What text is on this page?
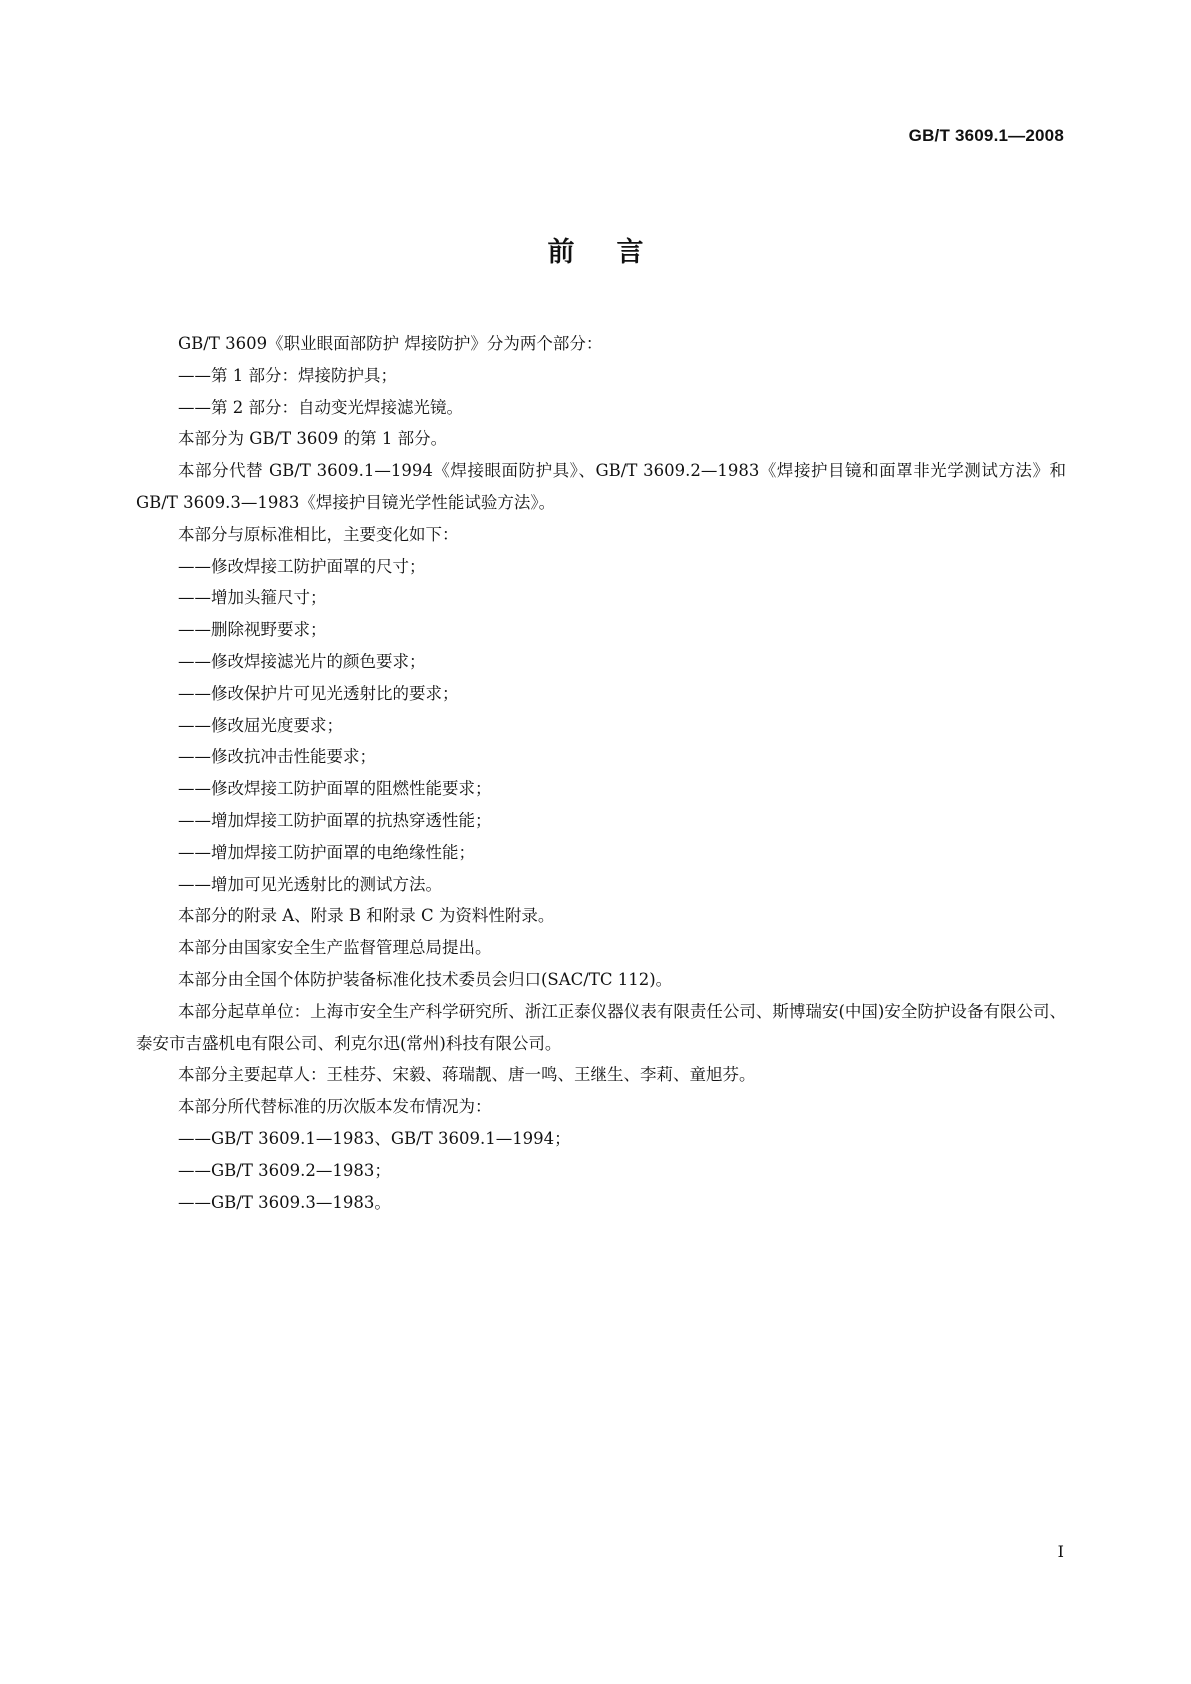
GB/T 3609.1—2008
前言

GB/T 3609《职业眼面部防护 焊接防护》分为两个部分：

——第 1 部分：焊接防护具；

——第 2 部分：自动变光焊接滤光镜。

本部分为 GB/T 3609 的第 1 部分。

本部分代替 GB/T 3609.1—1994《焊接眼面防护具》、GB/T 3609.2—1983《焊接护目镜和面罩非光学测试方法》和 GB/T 3609.3—1983《焊接护目镜光学性能试验方法》。

本部分与原标准相比，主要变化如下：

——修改焊接工防护面罩的尺寸；

——增加头箍尺寸；

——删除视野要求；

——修改焊接滤光片的颜色要求；

——修改保护片可见光透射比的要求；

——修改屈光度要求；

——修改抗冲击性能要求；

——修改焊接工防护面罩的阻燃性能要求；

——增加焊接工防护面罩的抗热穿透性能；

——增加焊接工防护面罩的电绝缘性能；

——增加可见光透射比的测试方法。

本部分的附录 A、附录 B 和附录 C 为资料性附录。

本部分由国家安全生产监督管理总局提出。

本部分由全国个体防护装备标准化技术委员会归口(SAC/TC 112)。

本部分起草单位：上海市安全生产科学研究所、浙江正泰仪器仪表有限责任公司、斯博瑞安(中国)安全防护设备有限公司、泰安市吉盛机电有限公司、利克尔迅(常州)科技有限公司。

本部分主要起草人：王桂芬、宋毅、蒋瑞靓、唐一鸣、王继生、李莉、童旭芬。

本部分所代替标准的历次版本发布情况为：

——GB/T 3609.1—1983、GB/T 3609.1—1994；

——GB/T 3609.2—1983；

——GB/T 3609.3—1983。

I
